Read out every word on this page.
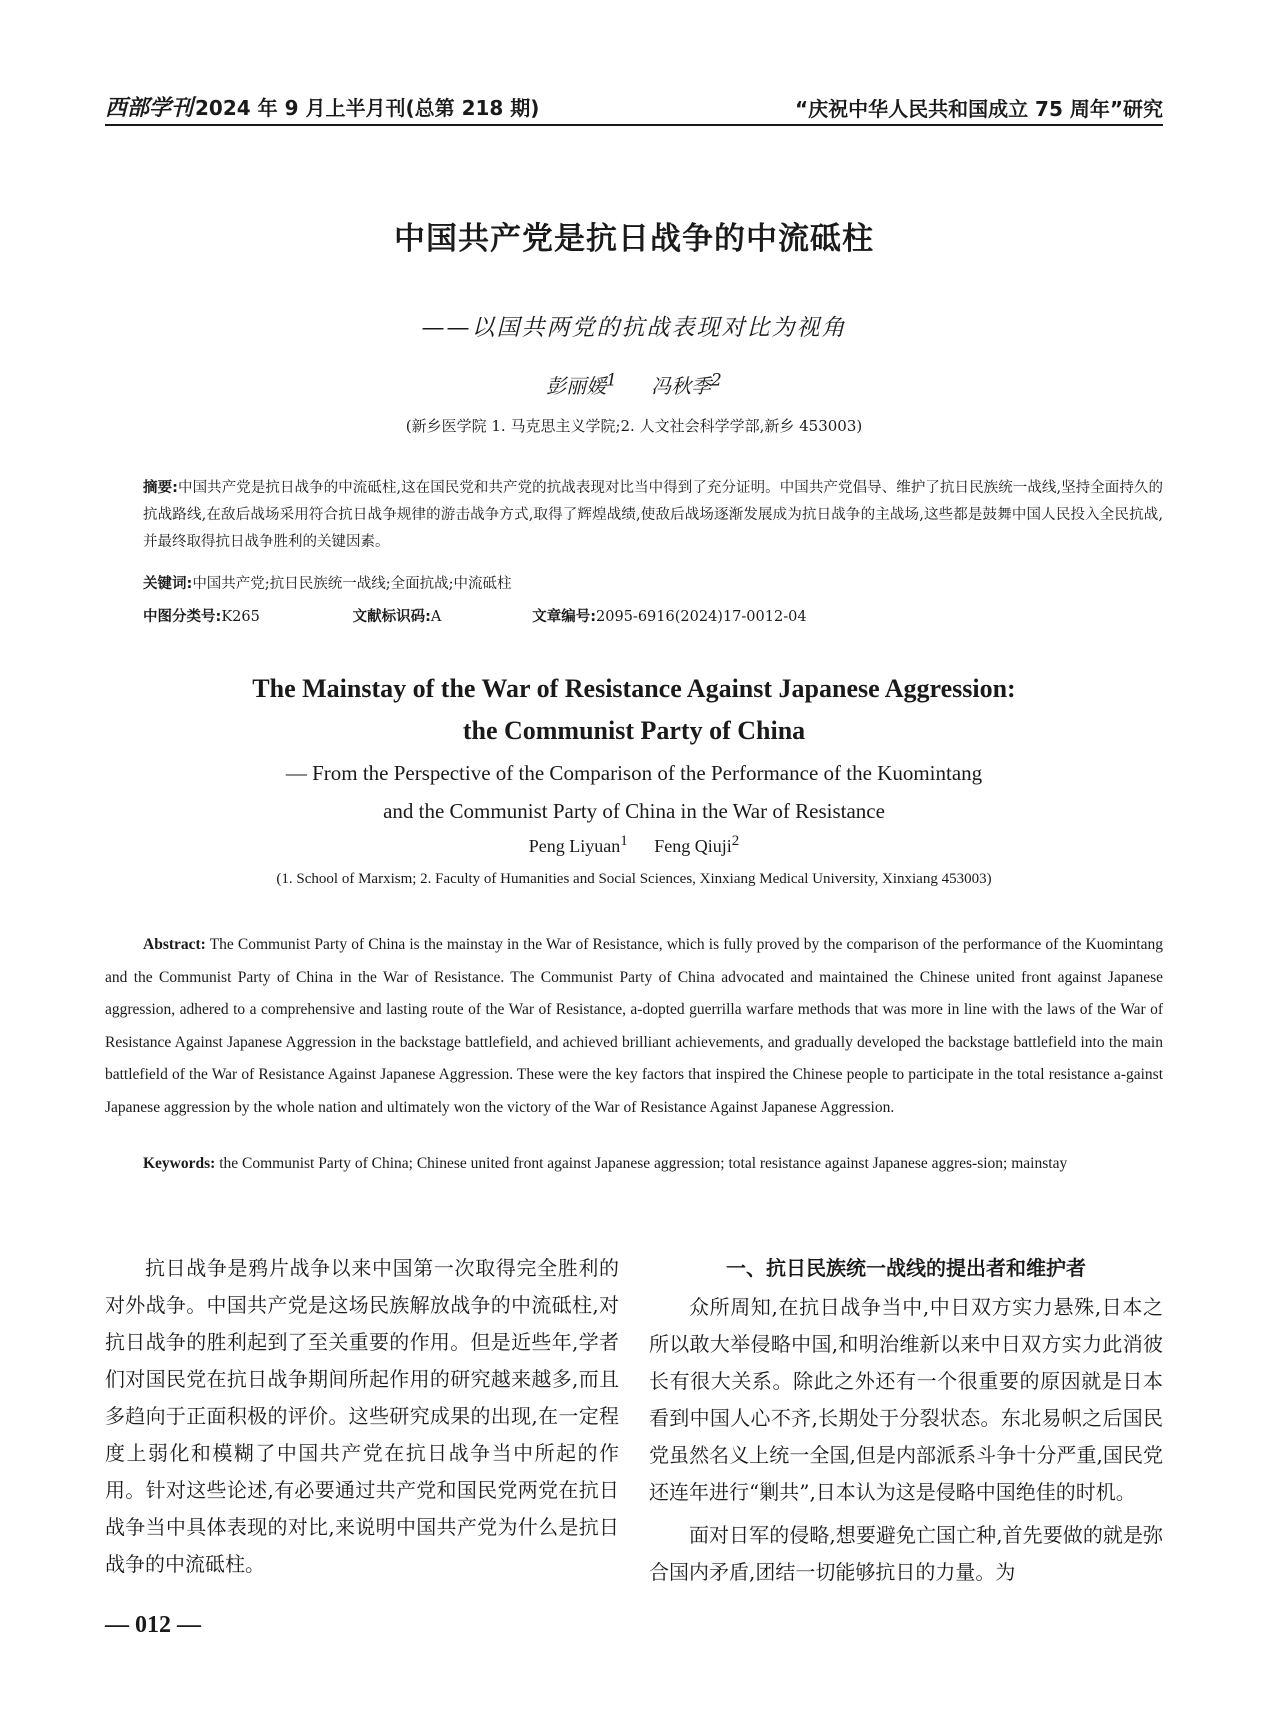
西部学刊 2024 年 9 月上半月刊(总第 218 期)	“庆祝中华人民共和国成立 75 周年”研究
中国共产党是抗日战争的中流砥柱
——以国共两党的抗战表现对比为视角
彭丽媛$^1$ 冯秋季$^2$
(新乡医学院 1. 马克思主义学院;2. 人文社会科学学部,新乡 453003)
摘要:中国共产党是抗日战争的中流砥柱,这在国民党和共产党的抗战表现对比当中得到了充分证明。中国共产党倡导、维护了抗日民族统一战线,坚持全面持久的抗战路线,在敌后战场采用符合抗日战争规律的游击战争方式,取得了辉煌战绩,使敌后战场逐渐发展成为抗日战争的主战场,这些都是鼓舞中国人民投入全民抗战,并最终取得抗日战争胜利的关键因素。
关键词:中国共产党;抗日民族统一战线;全面抗战;中流砥柱
中图分类号:K265	文献标识码:A	文章编号:2095-6916(2024)17-0012-04
The Mainstay of the War of Resistance Against Japanese Aggression:
the Communist Party of China
— From the Perspective of the Comparison of the Performance of the Kuomintang
and the Communist Party of China in the War of Resistance
Peng Liyuan$^1$ Feng Qiuji$^2$
(1. School of Marxism; 2. Faculty of Humanities and Social Sciences, Xinxiang Medical University, Xinxiang 453003)
Abstract: The Communist Party of China is the mainstay in the War of Resistance, which is fully proved by the comparison of the performance of the Kuomintang and the Communist Party of China in the War of Resistance. The Communist Party of China advocated and maintained the Chinese united front against Japanese aggression, adhered to a comprehensive and lasting route of the War of Resistance, a-dopted guerrilla warfare methods that was more in line with the laws of the War of Resistance Against Japanese Aggression in the backstage battlefield, and achieved brilliant achievements, and gradually developed the backstage battlefield into the main battlefield of the War of Resistance Against Japanese Aggression. These were the key factors that inspired the Chinese people to participate in the total resistance a-gainst Japanese aggression by the whole nation and ultimately won the victory of the War of Resistance Against Japanese Aggression.
Keywords: the Communist Party of China; Chinese united front against Japanese aggression; total resistance against Japanese aggres-sion; mainstay

抗日战争是鸦片战争以来中国第一次取得完全胜利的对外战争。中国共产党是这场民族解放战争的中流砥柱,对抗日战争的胜利起到了至关重要的作用。但是近些年,学者们对国民党在抗日战争期间所起作用的研究越来越多,而且多趋向于正面积极的评价。这些研究成果的出现,在一定程度上弱化和模糊了中国共产党在抗日战争当中所起的作用。针对这些论述,有必要通过共产党和国民党两党在抗日战争当中具体表现的对比,来说明中国共产党为什么是抗日战争的中流砥柱。

一、抗日民族统一战线的提出者和维护者

众所周知,在抗日战争当中,中日双方实力悬殊,日本之所以敢大举侵略中国,和明治维新以来中日双方实力此消彼长有很大关系。除此之外还有一个很重要的原因就是日本看到中国人心不齐,长期处于分裂状态。东北易帜之后国民党虽然名义上统一全国,但是内部派系斗争十分严重,国民党还连年进行“剿共”,日本认为这是侵略中国绝佳的时机。

面对日军的侵略,想要避免亡国亡种,首先要做的就是弥合国内矛盾,团结一切能够抗日的力量。为

— 012 —
